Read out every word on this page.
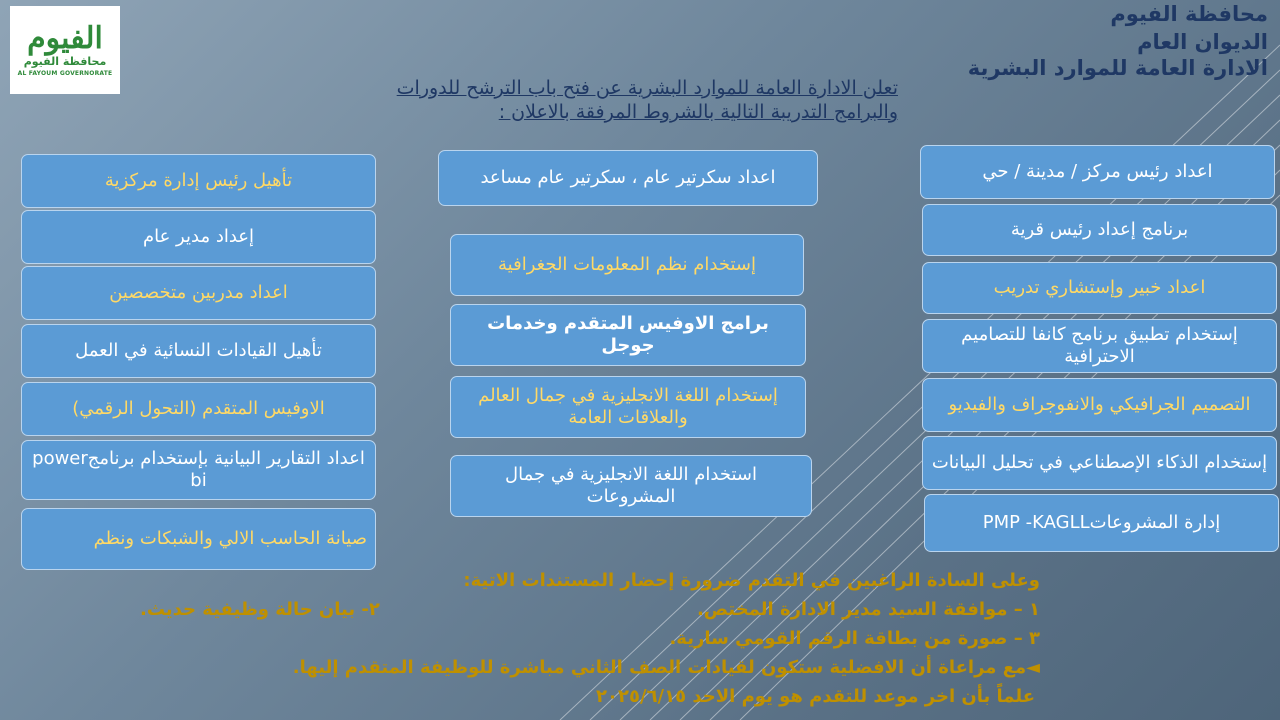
الفيوم
محافظة الفيوم
AL FAYOUM GOVERNORATE
محافظة الفيوم
الديوان العام
الادارة العامة للموارد البشرية
تعلن الادارة العامة للموارد البشرية عن فتح باب الترشح للدورات
والبرامج التدريبة التالية بالشروط المرفقة بالاعلان :
تأهيل رئيس إدارة مركزية
إعداد مدير عام
اعداد مدربين متخصصين
تأهيل القيادات النسائية في العمل
الاوفيس المتقدم (التحول الرقمي)
اعداد التقارير البيانية بإستخدام برنامجpower bi
صيانة الحاسب الالي والشبكات ونظم
اعداد سكرتير عام ، سكرتير عام مساعد
إستخدام نظم المعلومات الجغرافية
برامج الاوفيس المتقدم وخدمات جوجل
إستخدام اللغة الانجليزية في جمال العالم والعلاقات العامة
استخدام اللغة الانجليزية في جمال المشروعات
اعداد رئيس مركز / مدينة / حي
برنامج إعداد رئيس قرية
اعداد خبير وإستشاري تدريب
إستخدام تطبيق برنامج كانفا للتصاميم الاحترافية
التصميم الجرافيكي والانفوجراف والفيديو
إستخدام الذكاء الإصطناعي في تحليل البيانات
إدارة المشروعاتPMP -KAGLL
وعلى السادة الراغبين في التقدم ضرورة إحضار المستندات الاتية:
١ – موافقة السيد مدير الادارة المختص.
٢- بيان حالة وظيفية حديث.
٣ – صورة من بطاقة الرقم القومي سارية.
◄مع مراعاة أن الافضلية ستكون لقيادات الصف الثاني مباشرة للوظيفة المتقدم إليها.
علماً بأن اخر موعد للتقدم هو يوم الاحد ٢٠٢٥/٦/١٥
